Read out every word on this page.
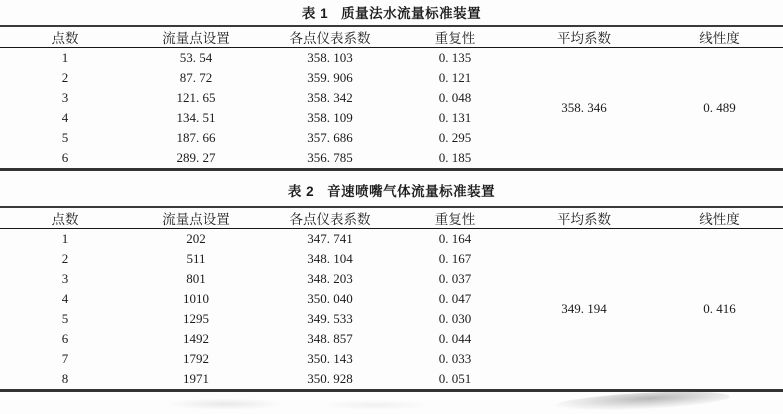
表 1 质量法水流量标准装置
点数	流量点设置	各点仪表系数	重复性	平均系数	线性度
1	53. 54	358. 103	0. 135	358. 346	0. 489
2	87. 72	359. 906	0. 121		
3	121. 65	358. 342	0. 048		
4	134. 51	358. 109	0. 131		
5	187. 66	357. 686	0. 295		
6	289. 27	356. 785	0. 185		
表 2 音速喷嘴气体流量标准装置
点数	流量点设置	各点仪表系数	重复性	平均系数	线性度
1	202	347. 741	0. 164	349. 194	0. 416
2	511	348. 104	0. 167		
3	801	348. 203	0. 037		
4	1010	350. 040	0. 047		
5	1295	349. 533	0. 030		
6	1492	348. 857	0. 044		
7	1792	350. 143	0. 033		
8	1971	350. 928	0. 051		
